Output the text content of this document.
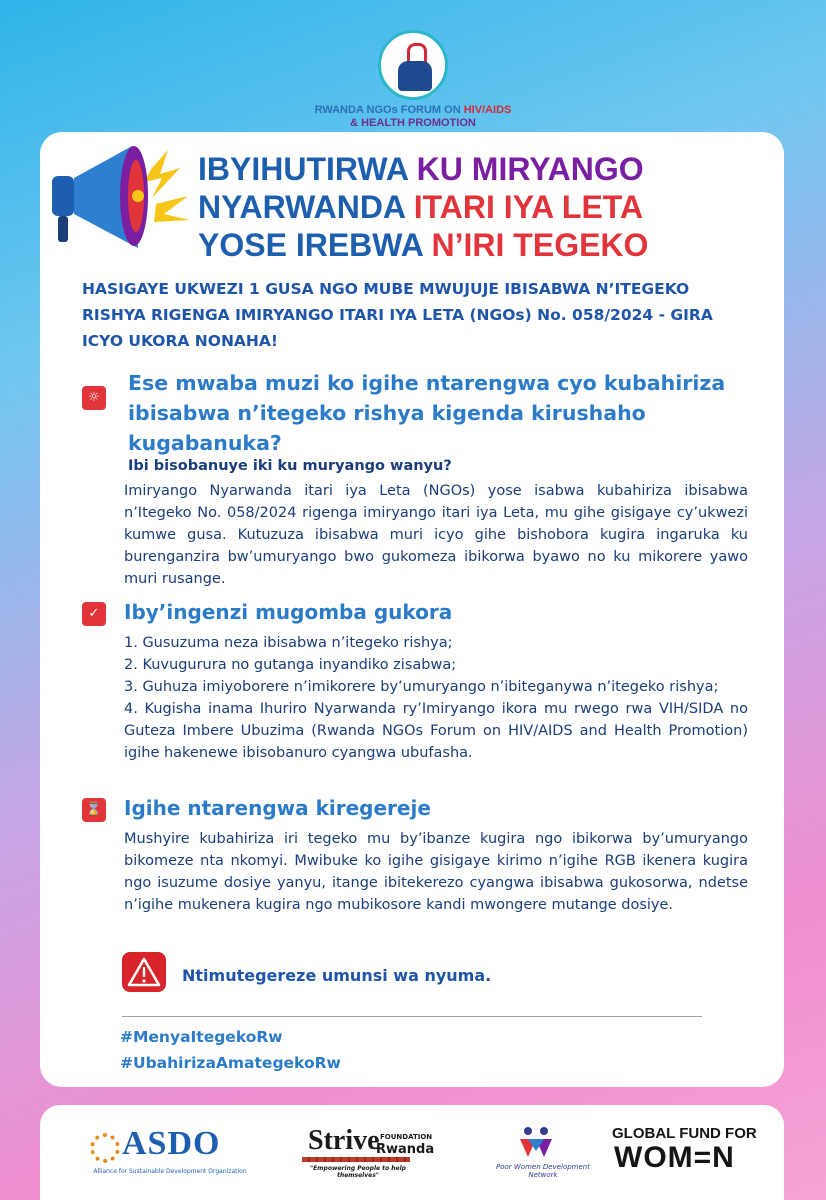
RWANDA NGOs FORUM ON HIV/AIDS
& HEALTH PROMOTION
IBYIHUTIRWA KU MIRYANGO
NYARWANDA ITARI IYA LETA
YOSE IREBWA N’IRI TEGEKO
HASIGAYE UKWEZI 1 GUSA NGO MUBE MWUJUJE IBISABWA N’ITEGEKO RISHYA RIGENGA IMIRYANGO ITARI IYA LETA (NGOs) No. 058/2024 - GIRA ICYO UKORA NONAHA!
☼
Ese mwaba muzi ko igihe ntarengwa cyo kubahiriza ibisabwa n’itegeko rishya kigenda kirushaho kugabanuka?
Ibi bisobanuye iki ku muryango wanyu?
Imiryango Nyarwanda itari iya Leta (NGOs) yose isabwa kubahiriza ibisabwa n’Itegeko No. 058/2024 rigenga imiryango itari iya Leta, mu gihe gisigaye cy’ukwezi kumwe gusa. Kutuzuza ibisabwa muri icyo gihe bishobora kugira ingaruka ku burenganzira bw’umuryango bwo gukomeza ibikorwa byawo no ku mikorere yawo muri rusange.
✓	Iby’ingenzi mugomba gukora
1. Gusuzuma neza ibisabwa n’itegeko rishya;
2. Kuvugurura no gutanga inyandiko zisabwa;
3. Guhuza imiyoborere n’imikorere by’umuryango n’ibiteganywa n’itegeko rishya;
4. Kugisha inama Ihuriro Nyarwanda ry’Imiryango ikora mu rwego rwa VIH/SIDA no Guteza Imbere Ubuzima (Rwanda NGOs Forum on HIV/AIDS and Health Promotion) igihe hakenewe ibisobanuro cyangwa ubufasha.
⌛ Igihe ntarengwa kiregereje
Mushyire kubahiriza iri tegeko mu by’ibanze kugira ngo ibikorwa by’umuryango bikomeze nta nkomyi. Mwibuke ko igihe gisigaye kirimo n’igihe RGB ikenera kugira ngo isuzume dosiye yanyu, itange ibitekerezo cyangwa ibisabwa gukosorwa, ndetse n’igihe mukenera kugira ngo mubikosore kandi mwongere mutange dosiye.
Ntimutegereze umunsi wa nyuma.
#MenyaItegekoRw
#UbahirizaAmategekoRw
ASDO
Alliance for Sustainable Development Organization
Strive FOUNDATION
Rwanda
"Empowering People to help themselves"
Poor Women Development Network
GLOBAL FUND FOR
WOM=N
